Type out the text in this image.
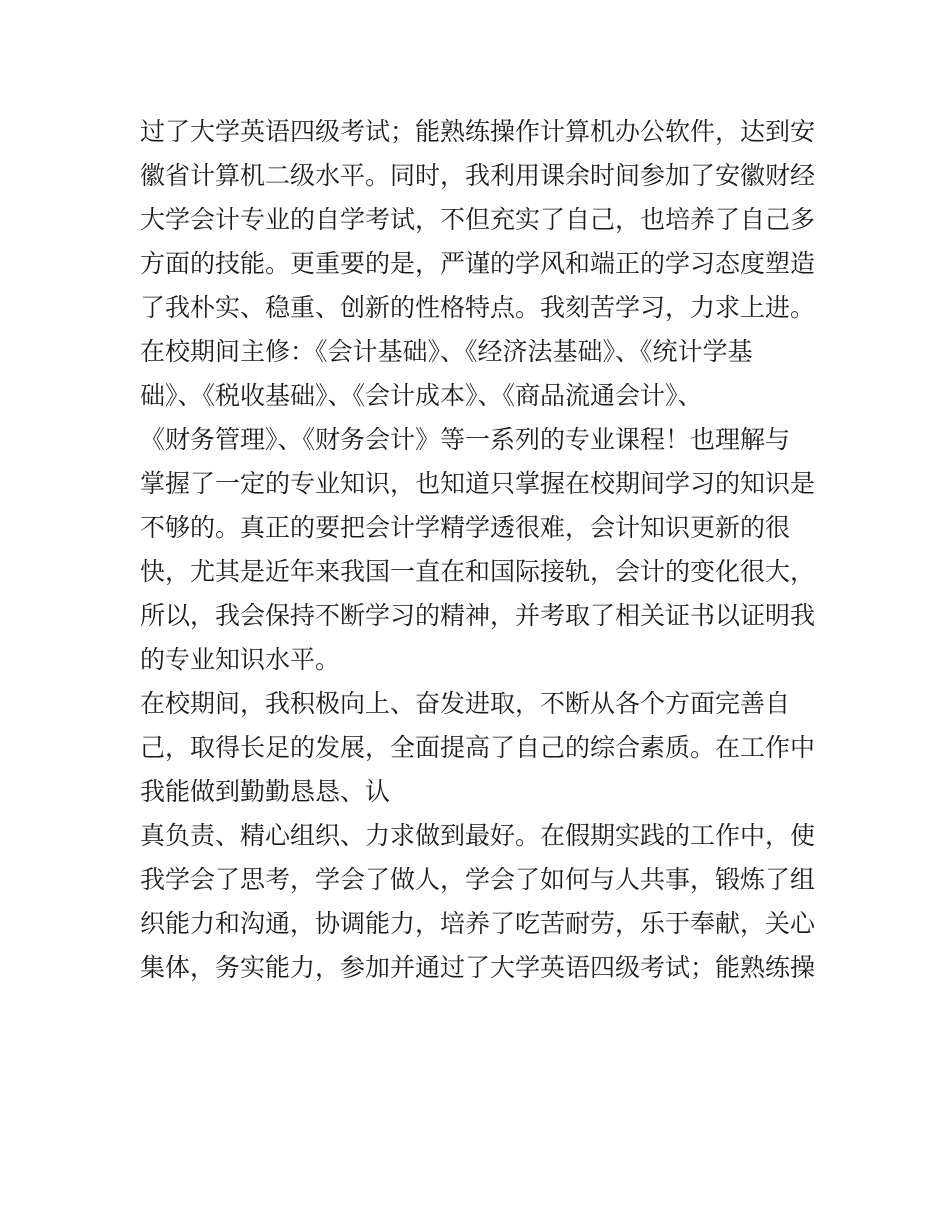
过了大学英语四级考试；能熟练操作计算机办公软件，达到安
徽省计算机二级水平。同时，我利用课余时间参加了安徽财经
大学会计专业的自学考试，不但充实了自己，也培养了自己多
方面的技能。更重要的是，严谨的学风和端正的学习态度塑造
了我朴实、稳重、创新的性格特点。我刻苦学习，力求上进。
在校期间主修：《会计基础》、《经济法基础》、《统计学基
础》、《税收基础》、《会计成本》、《商品流通会计》、
《财务管理》、《财务会计》等一系列的专业课程！也理解与
掌握了一定的专业知识，也知道只掌握在校期间学习的知识是
不够的。真正的要把会计学精学透很难，会计知识更新的很
快，尤其是近年来我国一直在和国际接轨，会计的变化很大，
所以，我会保持不断学习的精神，并考取了相关证书以证明我
的专业知识水平。
在校期间，我积极向上、奋发进取，不断从各个方面完善自
己，取得长足的发展，全面提高了自己的综合素质。在工作中
我能做到勤勤恳恳、认
真负责、精心组织、力求做到最好。在假期实践的工作中，使
我学会了思考，学会了做人，学会了如何与人共事，锻炼了组
织能力和沟通，协调能力，培养了吃苦耐劳，乐于奉献，关心
集体，务实能力，参加并通过了大学英语四级考试；能熟练操
